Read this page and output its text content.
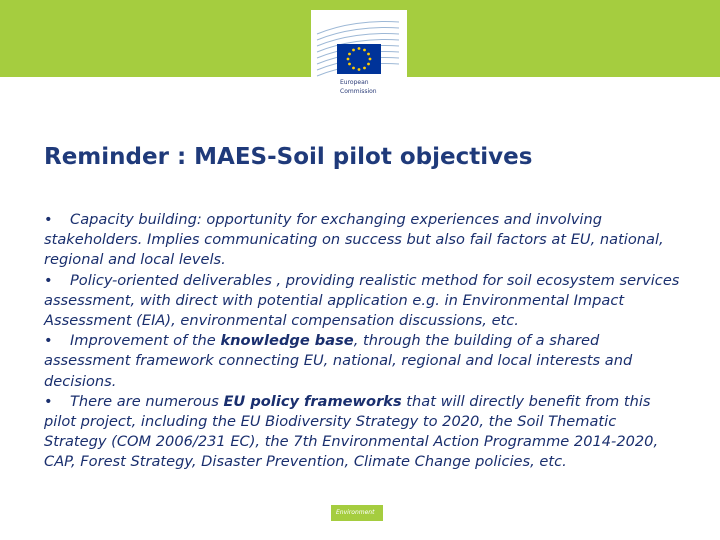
European
Commission
Reminder : MAES-Soil pilot objectives

• Capacity building: opportunity for exchanging experiences and involving stakeholders. Implies communicating on success but also fail factors at EU, national, regional and local levels.

• Policy-oriented deliverables , providing realistic method for soil ecosystem services assessment, with direct with potential application e.g. in Environmental Impact Assessment (EIA), environmental compensation discussions, etc.

• Improvement of the knowledge base, through the building of a shared assessment framework connecting EU, national, regional and local interests and decisions.

• There are numerous EU policy frameworks that will directly benefit from this pilot project, including the EU Biodiversity Strategy to 2020, the Soil Thematic Strategy (COM 2006/231 EC), the 7th Environmental Action Programme 2014-2020, CAP, Forest Strategy, Disaster Prevention, Climate Change policies, etc.

Environment
